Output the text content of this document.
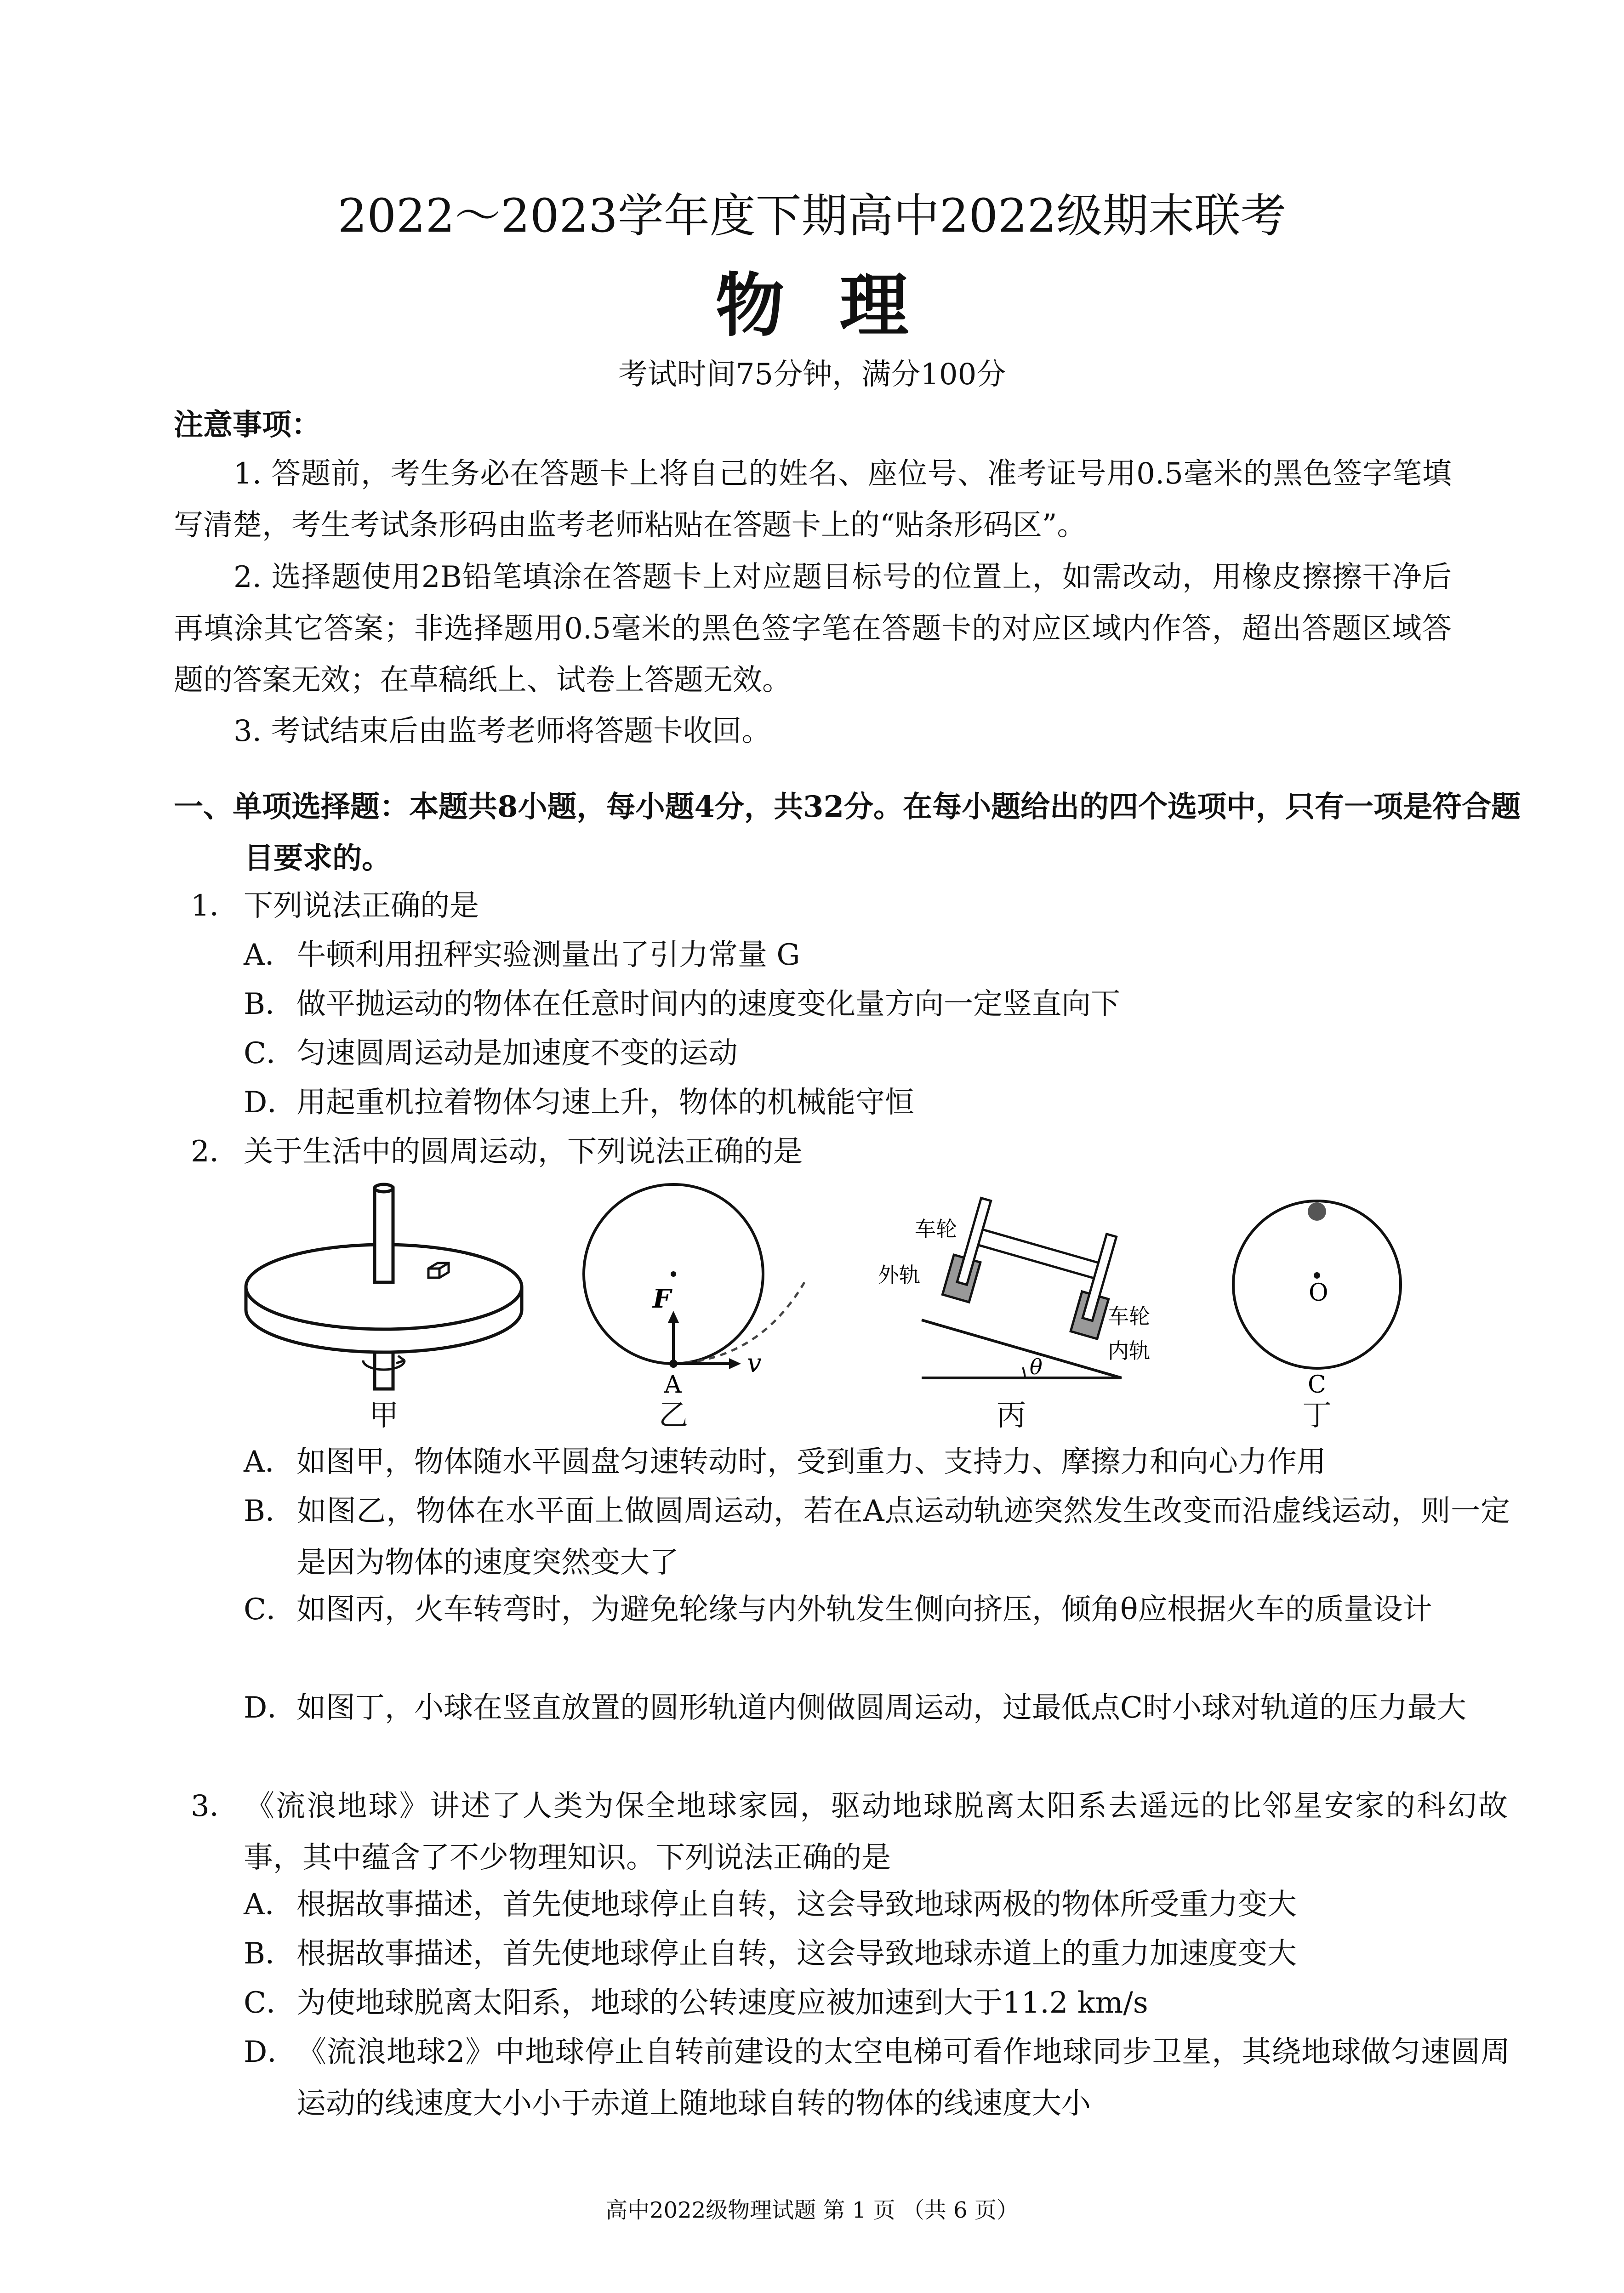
2022～2023学年度下期高中2022级期末联考
物理
考试时间75分钟，满分100分
注意事项：
1. 答题前，考生务必在答题卡上将自己的姓名、座位号、准考证号用0.5毫米的黑色签字笔填写清楚，考生考试条形码由监考老师粘贴在答题卡上的“贴条形码区”。
2. 选择题使用2B铅笔填涂在答题卡上对应题目标号的位置上，如需改动，用橡皮擦擦干净后再填涂其它答案；非选择题用0.5毫米的黑色签字笔在答题卡的对应区域内作答，超出答题区域答题的答案无效；在草稿纸上、试卷上答题无效。
3. 考试结束后由监考老师将答题卡收回。
一、单项选择题：本题共8小题，每小题4分，共32分。在每小题给出的四个选项中，只有一项是符合题目要求的。
1． 下列说法正确的是
A．牛顿利用扭秤实验测量出了引力常量 G
B．做平抛运动的物体在任意时间内的速度变化量方向一定竖直向下
C．匀速圆周运动是加速度不变的运动
D．用起重机拉着物体匀速上升，物体的机械能守恒
2． 关于生活中的圆周运动，下列说法正确的是
F
A
v
车轮
外轨
车轮
内轨
θ
O
C
甲	乙	丙	丁
A．如图甲，物体随水平圆盘匀速转动时，受到重力、支持力、摩擦力和向心力作用
B．如图乙，物体在水平面上做圆周运动，若在A点运动轨迹突然发生改变而沿虚线运动，则一定是因为物体的速度突然变大了
C．如图丙，火车转弯时，为避免轮缘与内外轨发生侧向挤压，倾角θ应根据火车的质量设计
D．如图丁，小球在竖直放置的圆形轨道内侧做圆周运动，过最低点C时小球对轨道的压力最大
3． 《流浪地球》讲述了人类为保全地球家园，驱动地球脱离太阳系去遥远的比邻星安家的科幻故事，其中蕴含了不少物理知识。下列说法正确的是
A．根据故事描述，首先使地球停止自转，这会导致地球两极的物体所受重力变大
B．根据故事描述，首先使地球停止自转，这会导致地球赤道上的重力加速度变大
C．为使地球脱离太阳系，地球的公转速度应被加速到大于11.2 km/s
D．《流浪地球2》中地球停止自转前建设的太空电梯可看作地球同步卫星，其绕地球做匀速圆周运动的线速度大小小于赤道上随地球自转的物体的线速度大小
高中2022级物理试题 第 1 页 （共 6 页）
